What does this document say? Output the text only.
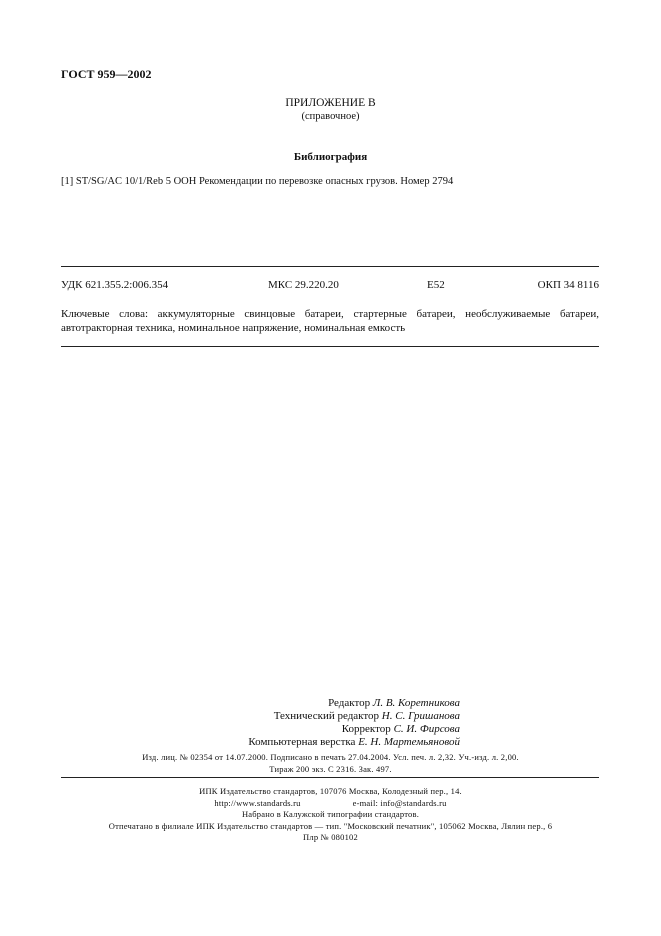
ГОСТ 959—2002
ПРИЛОЖЕНИЕ В
(справочное)
Библиография
[1] ST/SG/AC 10/1/Reb 5 ООН Рекомендации по перевозке опасных грузов. Номер 2794
УДК 621.355.2:006.354	МКС 29.220.20	Е52	ОКП 34 8116
Ключевые слова: аккумуляторные свинцовые батареи, стартерные батареи, необслуживаемые батареи, автотракторная техника, номинальное напряжение, номинальная емкость
Редактор Л. В. Коретникова
Технический редактор Н. С. Гришанова
Корректор С. И. Фирсова
Компьютерная верстка Е. Н. Мартемьяновой
Изд. лиц. № 02354 от 14.07.2000. Подписано в печать 27.04.2004. Усл. печ. л. 2,32. Уч.-изд. л. 2,00.
Тираж 200 экз. С 2316. Зак. 497.
ИПК Издательство стандартов, 107076 Москва, Колодезный пер., 14.
http://www.standards.ru	e-mail: info@standards.ru
Набрано в Калужской типографии стандартов.
Отпечатано в филиале ИПК Издательство стандартов — тип. "Московский печатник", 105062 Москва, Лялин пер., 6
Плр № 080102
